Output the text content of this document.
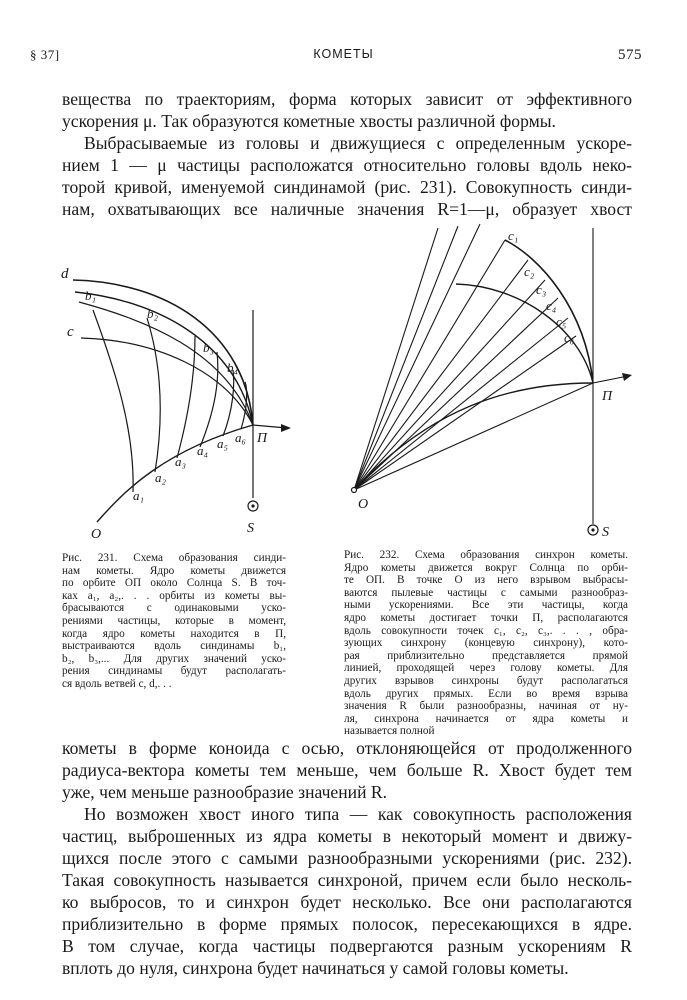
§ 37]	КОМЕТЫ	575
вещества по траекториям, форма которых зависит от эффективного
ускорения μ. Так образуются кометные хвосты различной формы.
Выбрасываемые из головы и движущиеся с определенным ускоре-
нием 1 — μ частицы расположатся относительно головы вдоль неко-
торой кривой, именуемой синдинамой (рис. 231). Совокупность синди-
нам, охватывающих все наличные значения R=1—μ, образует хвост
d
b₁
b₂
c
b₃
b₄
a₁
a₂
a₃
a₄ a₅ a₆ П
О	S
Рис. 231. Схема образования синди-
нам кометы. Ядро кометы движется
по орбите ОП около Солнца S. В точ-
ках a₁, a₂,. . . орбиты из кометы вы-
брасываются с одинаковыми уско-
рениями частицы, которые в момент,
когда ядро кометы находится в П,
выстраиваются вдоль синдинамы b₁,
b₂, b₃,... Для других значений уско-
рения синдинамы будут располагать-
ся вдоль ветвей c, d,. . .
c₁
c₂
c₃
c₄
c₅
c₆
П
О
S
Рис. 232. Схема образования синхрон кометы.
Ядро кометы движется вокруг Солнца по орби-
те ОП. В точке О из него взрывом выбрасы-
ваются пылевые частицы с самыми разнообраз-
ными ускорениями. Все эти частицы, когда
ядро кометы достигает точки П, располагаются
вдоль совокупности точек c₁, c₂, c₃,. . . , обра-
зующих синхрону (концевую синхрону), кото-
рая приблизительно представляется прямой
линией, проходящей через голову кометы. Для
других взрывов синхроны будут располагаться
вдоль других прямых. Если во время взрыва
значения R были разнообразны, начиная от ну-
ля, синхрона начинается от ядра кометы и
называется полной
кометы в форме коноида с осью, отклоняющейся от продолженного
радиуса-вектора кометы тем меньше, чем больше R. Хвост будет тем
уже, чем меньше разнообразие значений R.
Но возможен хвост иного типа — как совокупность расположения
частиц, выброшенных из ядра кометы в некоторый момент и движу-
щихся после этого с самыми разнообразными ускорениями (рис. 232).
Такая совокупность называется синхроной, причем если было несколь-
ко выбросов, то и синхрон будет несколько. Все они располагаются
приблизительно в форме прямых полосок, пересекающихся в ядре.
В том случае, когда частицы подвергаются разным ускорениям R
вплоть до нуля, синхрона будет начинаться у самой головы кометы.
